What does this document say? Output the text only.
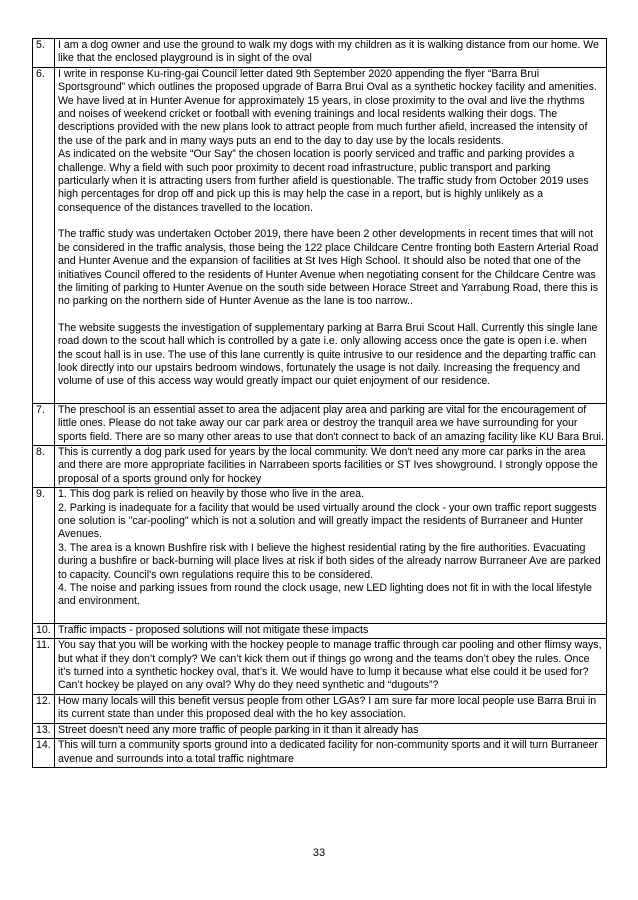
5.	I am a dog owner and use the ground to walk my dogs with my children as it is walking distance from our home. We like that the enclosed playground is in sight of the oval

6.	I write in response Ku-ring-gai Council letter dated 9th September 2020 appending the flyer “Barra Brui Sportsground” which outlines the proposed upgrade of Barra Brui Oval as a synthetic hockey facility and amenities.

We have lived at in Hunter Avenue for approximately 15 years, in close proximity to the oval and live the rhythms and noises of weekend cricket or football with evening trainings and local residents walking their dogs. The descriptions provided with the new plans look to attract people from much further afield, increased the intensity of the use of the park and in many ways puts an end to the day to day use by the locals residents.

As indicated on the website “Our Say” the chosen location is poorly serviced and traffic and parking provides a challenge. Why a field with such poor proximity to decent road infrastructure, public transport and parking particularly when it is attracting users from further afield is questionable. The traffic study from October 2019 uses high percentages for drop off and pick up this is may help the case in a report, but is highly unlikely as a consequence of the distances travelled to the location.

The traffic study was undertaken October 2019, there have been 2 other developments in recent times that will not be considered in the traffic analysis, those being the 122 place Childcare Centre fronting both Eastern Arterial Road and Hunter Avenue and the expansion of facilities at St Ives High School. It should also be noted that one of the initiatives Council offered to the residents of Hunter Avenue when negotiating consent for the Childcare Centre was the limiting of parking to Hunter Avenue on the south side between Horace Street and Yarrabung Road, there this is no parking on the northern side of Hunter Avenue as the lane is too narrow..

The website suggests the investigation of supplementary parking at Barra Brui Scout Hall. Currently this single lane road down to the scout hall which is controlled by a gate i.e. only allowing access once the gate is open i.e. when the scout hall is in use. The use of this lane currently is quite intrusive to our residence and the departing traffic can look directly into our upstairs bedroom windows, fortunately the usage is not daily. Increasing the frequency and volume of use of this access way would greatly impact our quiet enjoyment of our residence.

7.	The preschool is an essential asset to area the adjacent play area and parking are vital for the encouragement of little ones. Please do not take away our car park area or destroy the tranquil area we have surrounding for your sports field. There are so many other areas to use that don't connect to back of an amazing facility like KU Bara Brui.

8.	This is currently a dog park used for years by the local community. We don't need any more car parks in the area and there are more appropriate facilities in Narrabeen sports facilities or ST Ives showground. I strongly oppose the proposal of a sports ground only for hockey

9.	1. This dog park is relied on heavily by those who live in the area.

2. Parking is inadequate for a facility that would be used virtually around the clock - your own traffic report suggests one solution is "car-pooling" which is not a solution and will greatly impact the residents of Burraneer and Hunter Avenues.

3. The area is a known Bushfire risk with I believe the highest residential rating by the fire authorities. Evacuating during a bushfire or back-burning will place lives at risk if both sides of the already narrow Burraneer Ave are parked to capacity. Council's own regulations require this to be considered.

4. The noise and parking issues from round the clock usage, new LED lighting does not fit in with the local lifestyle and environment.

10.	Traffic impacts - proposed solutions will not mitigate these impacts

11.	You say that you will be working with the hockey people to manage traffic through car pooling and other flimsy ways, but what if they don’t comply? We can’t kick them out if things go wrong and the teams don’t obey the rules. Once it’s turned into a synthetic hockey oval, that’s it. We would have to lump it because what else could it be used for? Can’t hockey be played on any oval? Why do they need synthetic and “dugouts”?

12.	How many locals will this benefit versus people from other LGAs? I am sure far more local people use Barra Brui in its current state than under this proposed deal with the ho key association.

13.	Street doesn't need any more traffic of people parking in it than it already has

14.	This will turn a community sports ground into a dedicated facility for non-community sports and it will turn Burraneer avenue and surrounds into a total traffic nightmare

33
